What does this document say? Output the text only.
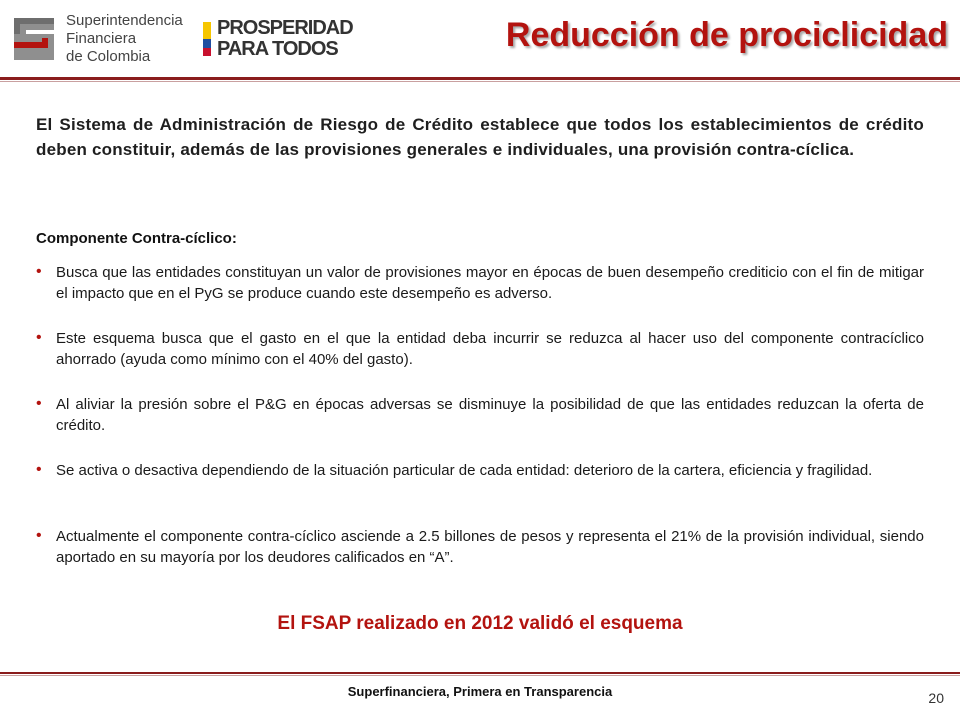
Superintendencia
Financiera
de Colombia
PROSPERIDAD
PARA TODOS	Reducción de prociclicidad

El Sistema de Administración de Riesgo de Crédito establece que todos los establecimientos de crédito deben constituir, además de las provisiones generales e individuales, una provisión contra-cíclica.

Componente Contra-cíclico:

• Busca que las entidades constituyan un valor de provisiones mayor en épocas de buen desempeño crediticio con el fin de mitigar el impacto que en el PyG se produce cuando este desempeño es adverso.
• Este esquema busca que el gasto en el que la entidad deba incurrir se reduzca al hacer uso del componente contracíclico ahorrado (ayuda como mínimo con el 40% del gasto).
• Al aliviar la presión sobre el P&G en épocas adversas se disminuye la posibilidad de que las entidades reduzcan la oferta de crédito.
• Se activa o desactiva dependiendo de la situación particular de cada entidad: deterioro de la cartera, eficiencia y fragilidad.
• Actualmente el componente contra-cíclico asciende a 2.5 billones de pesos y representa el 21% de la provisión individual, siendo aportado en su mayoría por los deudores calificados en “A”.

El FSAP realizado en 2012 validó el esquema

Superfinanciera, Primera en Transparencia	20
